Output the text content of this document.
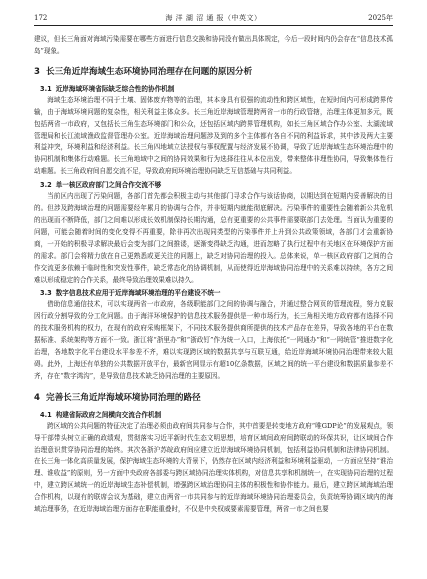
172	海 洋 湖 沼 通 报（中英文）	2025年

建议，但长三角面对海域污染需要在哪些方面进行信息交换和协同没有做出具体规定，今后一段时间内仍会存在“信息技术孤岛”现象。

3 长三角近岸海域生态环境协同治理存在问题的原因分析
3.1 近岸海域环境省际缺乏综合性的协作机制

海域生态环境治理不同于土壤、固体废弃物等的治理，其本身具有很强的流动性和跨区域性，在短时间内可形成跨界传输，由于海域环境问题的复杂性，相关利益主体众多。长三角近岸海域管理跨两省一市的行政管辖，治理主体更加多元，既包括两省一市政府，又包括长三角生态环境部门和公众，还包括区域内跨界管理机构，如长三角区域合作办公室、太湖流域管理局和长江流域渔政监督管理办公室。近岸海域治理问题涉及到的多个主体都有各自不同的利益诉求，其中涉及两大主要利益冲突，环境利益和经济利益。长三角四地域立法授权与事权配置与经济发展不协调，导致了近岸海域生态环境治理中的协同机制和集体行动难题。长三角地域中之间的协同效果和行为选择往往从本位出发，带来整体非理性协同，导致集体性行动难题。长三角政府间自愿交流不足，导致政府间环境治理协同缺乏互信基础与共同利益。

3.2 单一核区政府部门之间合作交流不够

当前区内出现了污染问题，各部门首先都会积极主动与其他部门寻求合作与该话协商，以期达到在短期内妥善解决的目的。但涉及跨海域治理的问题需要经年累月的协调与合作，并非短期内就能彻底解决。污染事件的重要性会随着新公共危机的出现而不断降低，部门之间难以形成长效机制保持长期沟通，总有更重要的公共事件需要联部门去处理。当面认为重要的问题，可能会随着时间的变化变得不再重要，除非再次出现同类型的污染事件并上升到公共政策领域，各部门才会重新协商，一开始的积极寻求解决最后会变为部门之间推诿，逐渐变得缺乏沟通，进而忽略了执行过程中有关地区在环境保护方面的需求。部门会将精力放在自己更熟悉或更关注的问题上，缺乏对协同治理的投入。总体来说，单一核区政府部门之间的合作交流更多依赖于临时性和突发性事件，缺乏常态化的协调机制，从而使得近岸海域协同治理中的关系难以持续，各方之间难以形成稳定的合作关系，最终导致治理效果难以持久。

3.3 数字信息技术应用于近岸海域环境治理的平台建设不统一

借助信息通信技术，可以实现两省一市政府，各级职能部门之间的协调与融合，并通过整合网页的管理流程，努力克服因行政分割导致的分工化问题。由于海洋环境保护的信息技术服务提供是一种市场行为，长三角相关地方政府都有选择不同的技术服务机构的权力，在现有的政府采购框架下，不同技术服务提供商所提供的技术产品存在差异，导致各地的平台在数据标准、系统架构等方面不一致。浙江将“浙里办”和“浙政钉”作为统一入口，上海依托“一网通办”和“一网统管”推进数字化治理，各地数字化平台建设水平参差不齐，难以实现跨区域的数据共享与互联互通，给近岸海域环境协同治理带来较大阻碍。此外，上海还有单独的公共数据开放平台，最新官网显示有超10亿条数据，区域之间的统一平台建设和数据质量参差不齐，存在“数字鸿沟”，是导致信息技术缺乏协同治理的主要原因。

4 完善长三角近岸海域环境协同治理的路径
4.1 构建省际政府之间横向交流合作机制

跨区域的公共问题的特征决定了治理必须由政府间共同参与合作，其中首要是转变地方政府“唯GDP论”的发展观点，领导干部带头树立正确的政绩观，贯彻落实习近平新时代生态文明思想，培育区域间政府间跨联动的环保共识，让区域间合作治理意识贯穿协同治理的始终。其次各浙沪苏皖政府间应建立近岸海域环境协同机制，包括利益协同机制和法律协同机制。在长三角一体化高质量发展，保护海域生态环境的大背景下，仍然存在区域内经济利益和环境利益驱动，一方面应坚持“谁治理、谁收益”的原则，另一方面中央政府各部委与跨区域协同治理实体机构，对信息共享和机制统一，在实现协同治理的过程中，建立跨区域统一的近岸海域生态补偿机制，增强跨区域治理协同主体的积极性和协作能力。最后，建立跨区域海域治理合作机构，以现有的联席会议为基础，建立由两省一市共同参与的近岸海域环境协同治理委员会，负责统筹协调区域内的海域治理事务，在近岸海域治理方面存在职能重叠时，不仅是中央权威要素需要管理，两省一市之间也要
